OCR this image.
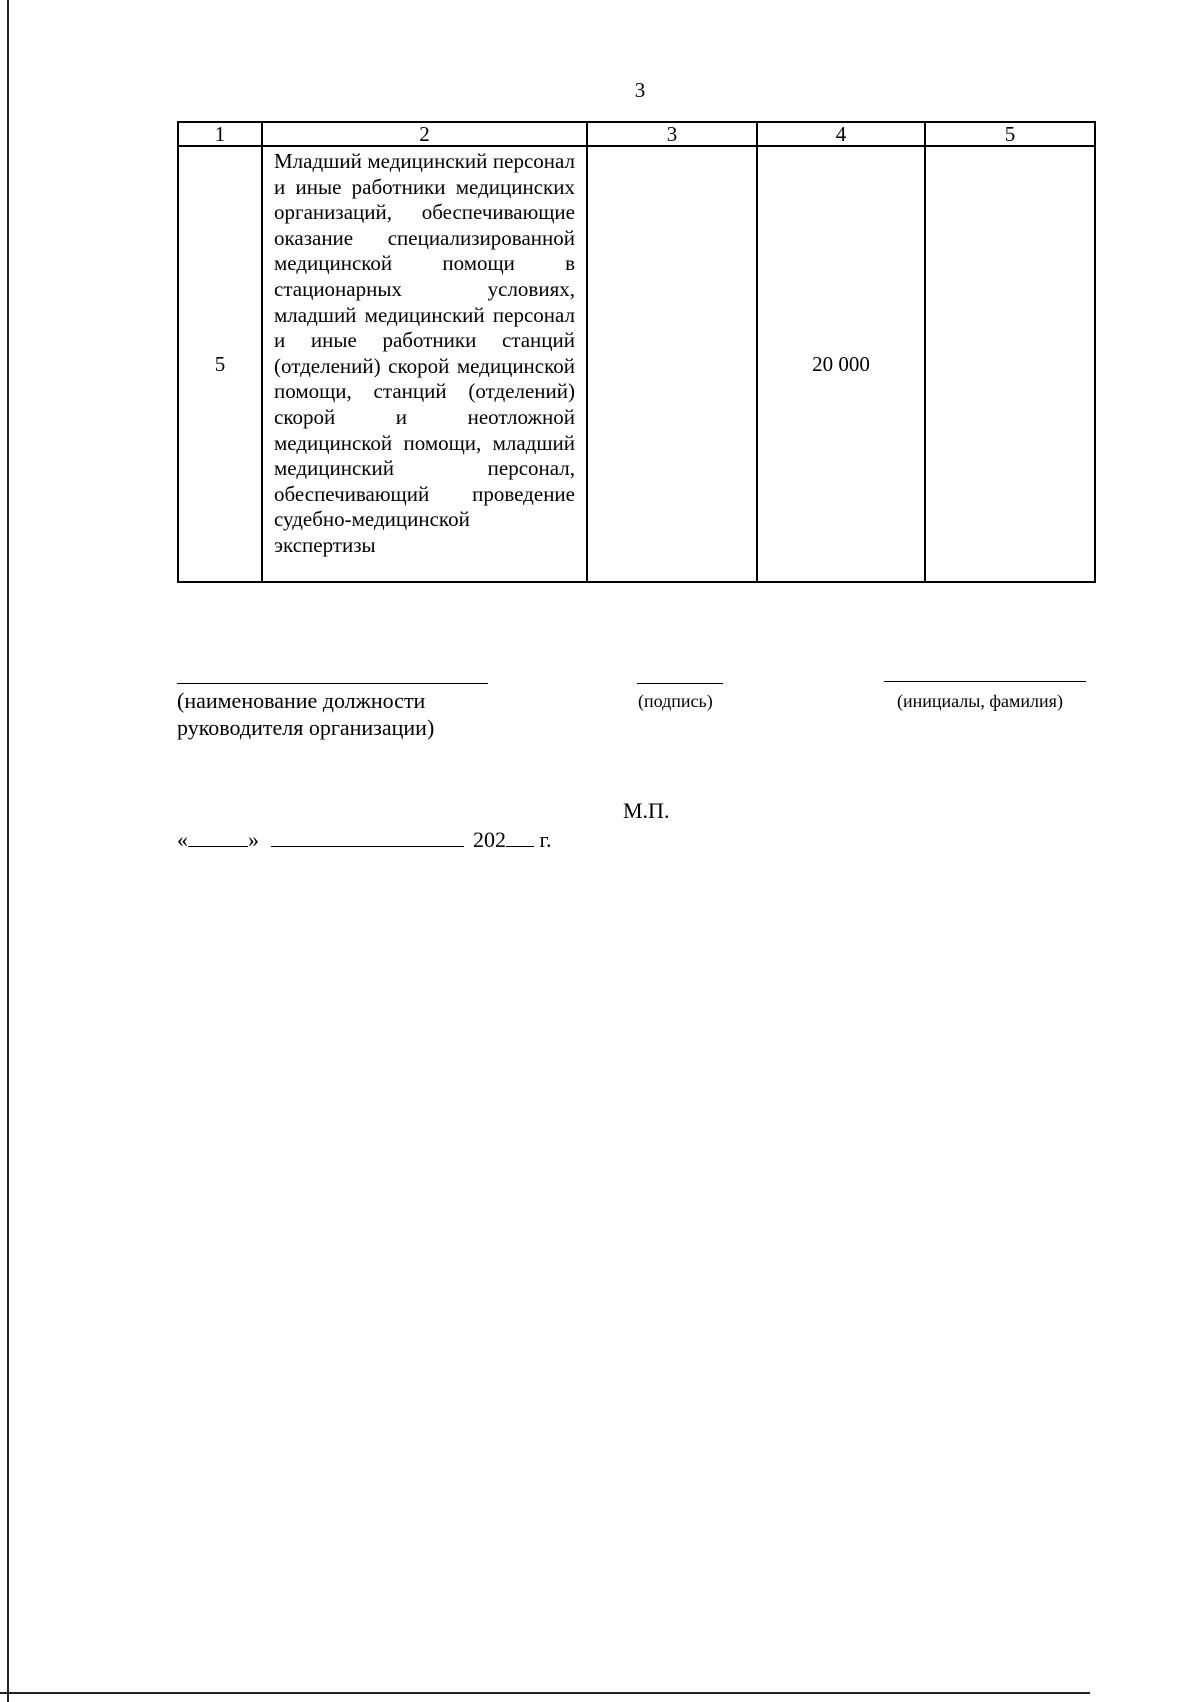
3
1	2	3	4	5
5	Младший медицинский персонал и иные работники медицинских организаций, обеспечивающие оказание специализированной медицинской помощи в стационарных условиях, младший медицинский персонал и иные работники станций (отделений) скорой медицинской помощи, станций (отделений) скорой и неотложной медицинской помощи, младший медицинский персонал, обеспечивающий проведение судебно-медицинской экспертизы		20 000	
(наименование должности
руководителя организации)
(подпись)	(инициалы, фамилия)
М.П.
«	»	202 г.
